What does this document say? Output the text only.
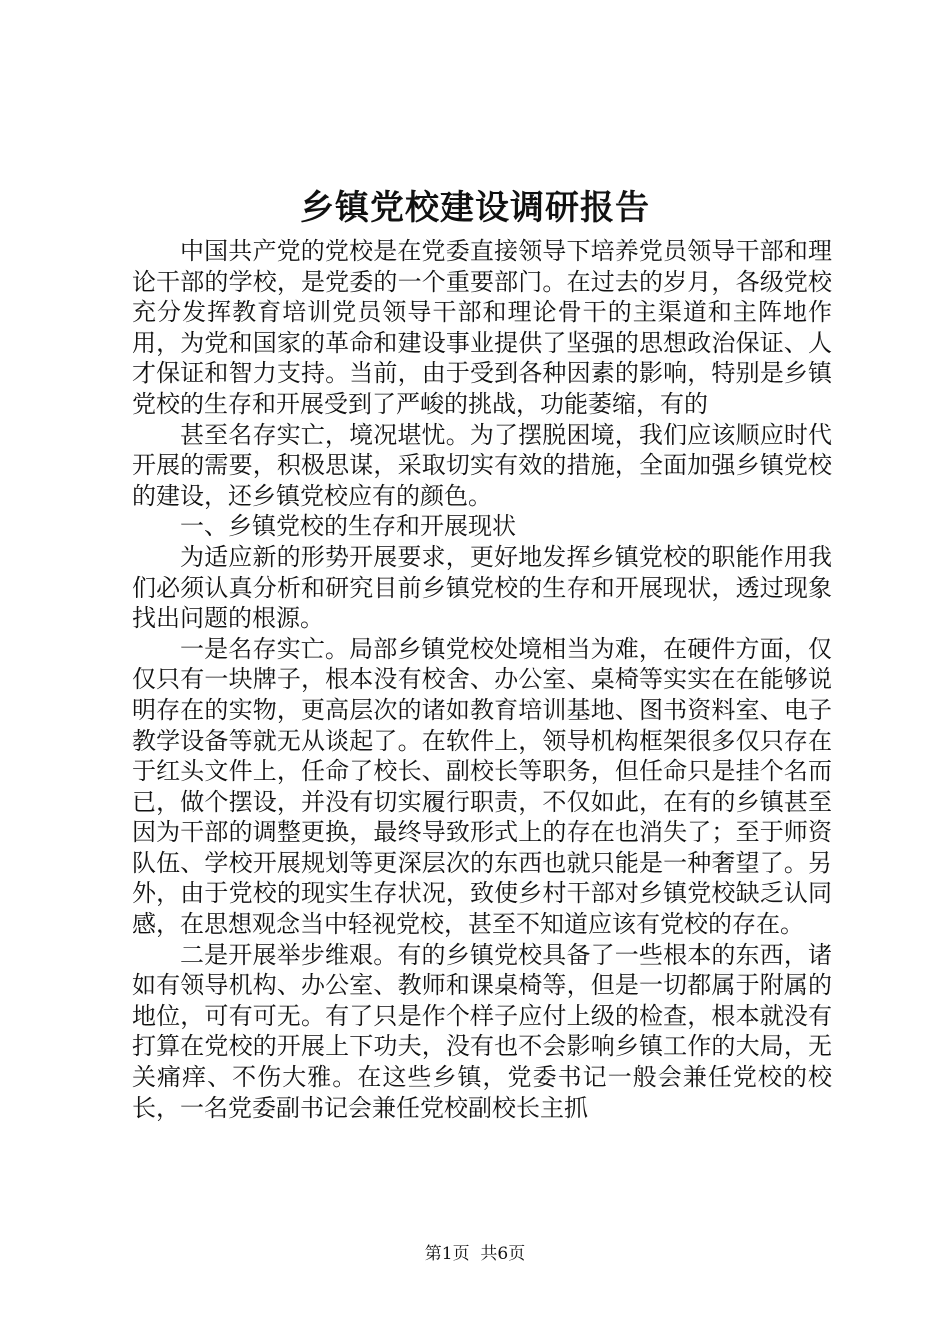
乡镇党校建设调研报告

中国共产党的党校是在党委直接领导下培养党员领导干部和理论干部的学校，是党委的一个重要部门。在过去的岁月，各级党校充分发挥教育培训党员领导干部和理论骨干的主渠道和主阵地作用，为党和国家的革命和建设事业提供了坚强的思想政治保证、人才保证和智力支持。当前，由于受到各种因素的影响，特别是乡镇党校的生存和开展受到了严峻的挑战，功能萎缩，有的

甚至名存实亡，境况堪忧。为了摆脱困境，我们应该顺应时代开展的需要，积极思谋，采取切实有效的措施，全面加强乡镇党校的建设，还乡镇党校应有的颜色。

一、乡镇党校的生存和开展现状

为适应新的形势开展要求，更好地发挥乡镇党校的职能作用我们必须认真分析和研究目前乡镇党校的生存和开展现状，透过现象找出问题的根源。

一是名存实亡。局部乡镇党校处境相当为难，在硬件方面，仅仅只有一块牌子，根本没有校舍、办公室、桌椅等实实在在能够说明存在的实物，更高层次的诸如教育培训基地、图书资料室、电子教学设备等就无从谈起了。在软件上，领导机构框架很多仅只存在于红头文件上，任命了校长、副校长等职务，但任命只是挂个名而已，做个摆设，并没有切实履行职责，不仅如此，在有的乡镇甚至因为干部的调整更换，最终导致形式上的存在也消失了；至于师资队伍、学校开展规划等更深层次的东西也就只能是一种奢望了。另外，由于党校的现实生存状况，致使乡村干部对乡镇党校缺乏认同感，在思想观念当中轻视党校，甚至不知道应该有党校的存在。

二是开展举步维艰。有的乡镇党校具备了一些根本的东西，诸如有领导机构、办公室、教师和课桌椅等，但是一切都属于附属的地位，可有可无。有了只是作个样子应付上级的检查，根本就没有打算在党校的开展上下功夫，没有也不会影响乡镇工作的大局，无关痛痒、不伤大雅。在这些乡镇，党委书记一般会兼任党校的校长，一名党委副书记会兼任党校副校长主抓

第1页 共6页
